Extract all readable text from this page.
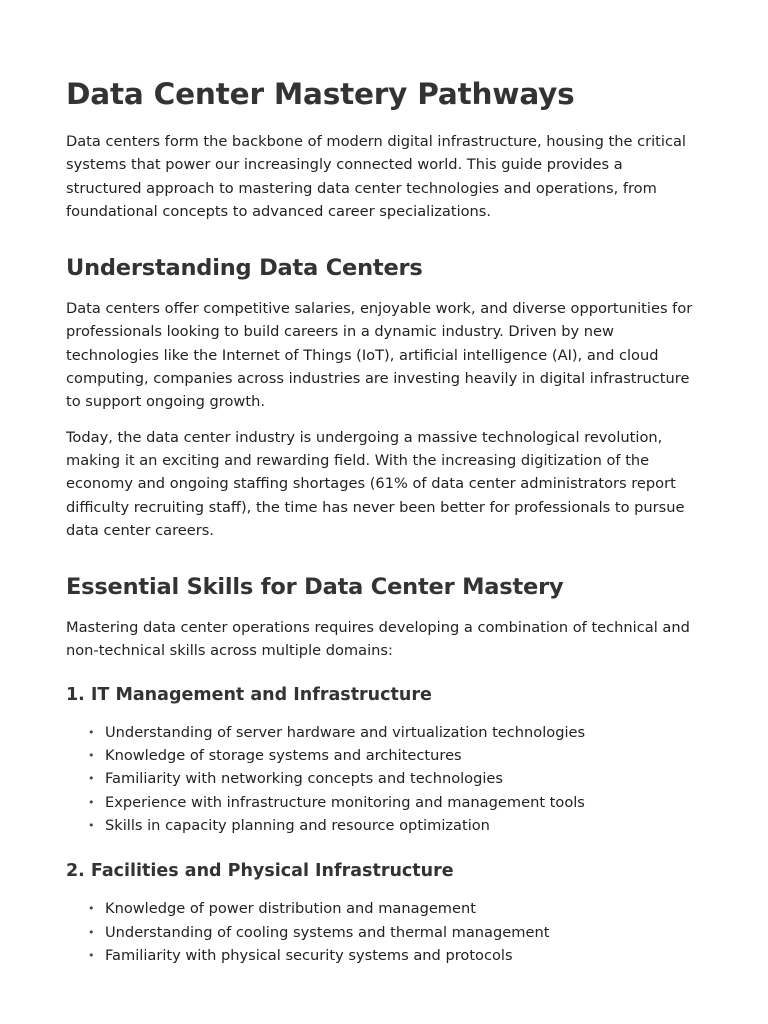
Data Center Mastery Pathways

Data centers form the backbone of modern digital infrastructure, housing the critical systems that power our increasingly connected world. This guide provides a structured approach to mastering data center technologies and operations, from foundational concepts to advanced career specializations.

Understanding Data Centers

Data centers offer competitive salaries, enjoyable work, and diverse opportunities for professionals looking to build careers in a dynamic industry. Driven by new technologies like the Internet of Things (IoT), artificial intelligence (AI), and cloud computing, companies across industries are investing heavily in digital infrastructure to support ongoing growth.

Today, the data center industry is undergoing a massive technological revolution, making it an exciting and rewarding field. With the increasing digitization of the economy and ongoing staffing shortages (61% of data center administrators report difficulty recruiting staff), the time has never been better for professionals to pursue data center careers.

Essential Skills for Data Center Mastery

Mastering data center operations requires developing a combination of technical and non-technical skills across multiple domains:

1. IT Management and Infrastructure
• Understanding of server hardware and virtualization technologies
• Knowledge of storage systems and architectures
• Familiarity with networking concepts and technologies
• Experience with infrastructure monitoring and management tools
• Skills in capacity planning and resource optimization
2. Facilities and Physical Infrastructure
• Knowledge of power distribution and management
• Understanding of cooling systems and thermal management
• Familiarity with physical security systems and protocols
